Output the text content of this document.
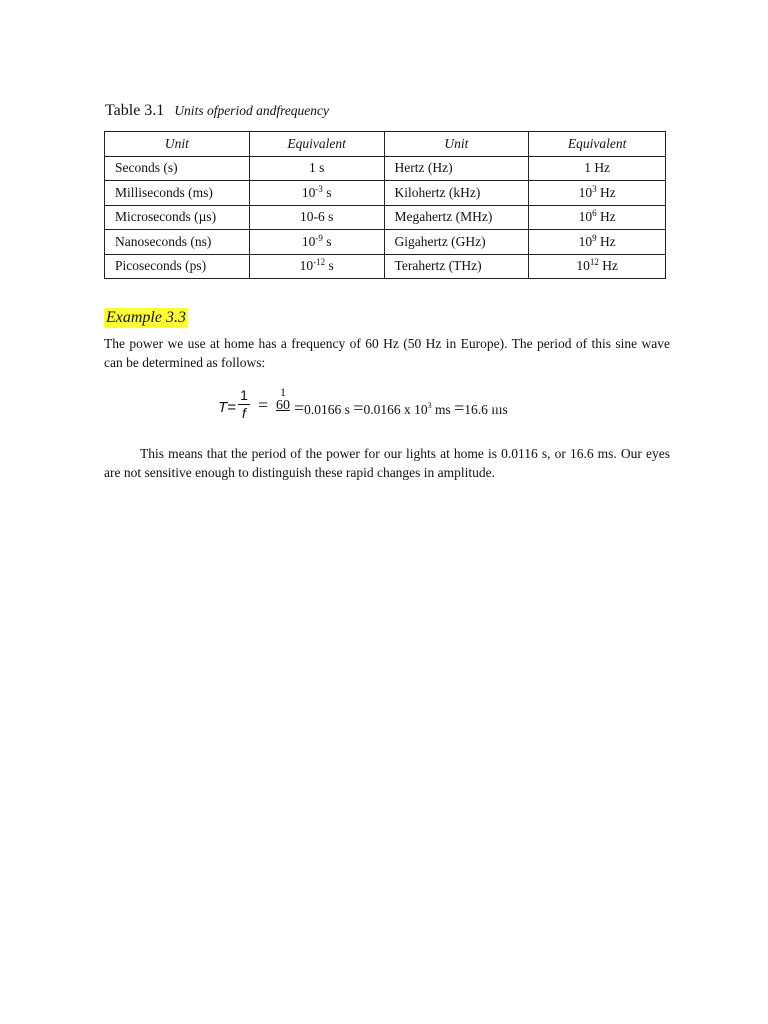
Table 3.1 Units ofperiod andfrequency
Unit	Equivalent	Unit	Equivalent
Seconds (s)	1 s	Hertz (Hz)	1 Hz
Milliseconds (ms)	$10^{-3}$ s	Kilohertz (kHz)	$10^3$ Hz
Microseconds (µs)	10-6 s	Megahertz (MHz)	$10^6$ Hz
Nanoseconds (ns)	$10^{-9}$ s	Gigahertz (GHz)	$10^9$ Hz
Picoseconds (ps)	$10^{-12}$ s	Terahertz (THz)	$10^{12}$ Hz
Example 3.3
The power we use at home has a frequency of 60 Hz (50 Hz in Europe). The period of this sine wave can be determined as follows:
$T= \frac{1}{f}$ =
1
60 =0.0166 s =0.0166 x $10^3$ ms =16.6 ıııs
This means that the period of the power for our lights at home is 0.0116 s, or 16.6 ms. Our eyes are not sensitive enough to distinguish these rapid changes in amplitude.
